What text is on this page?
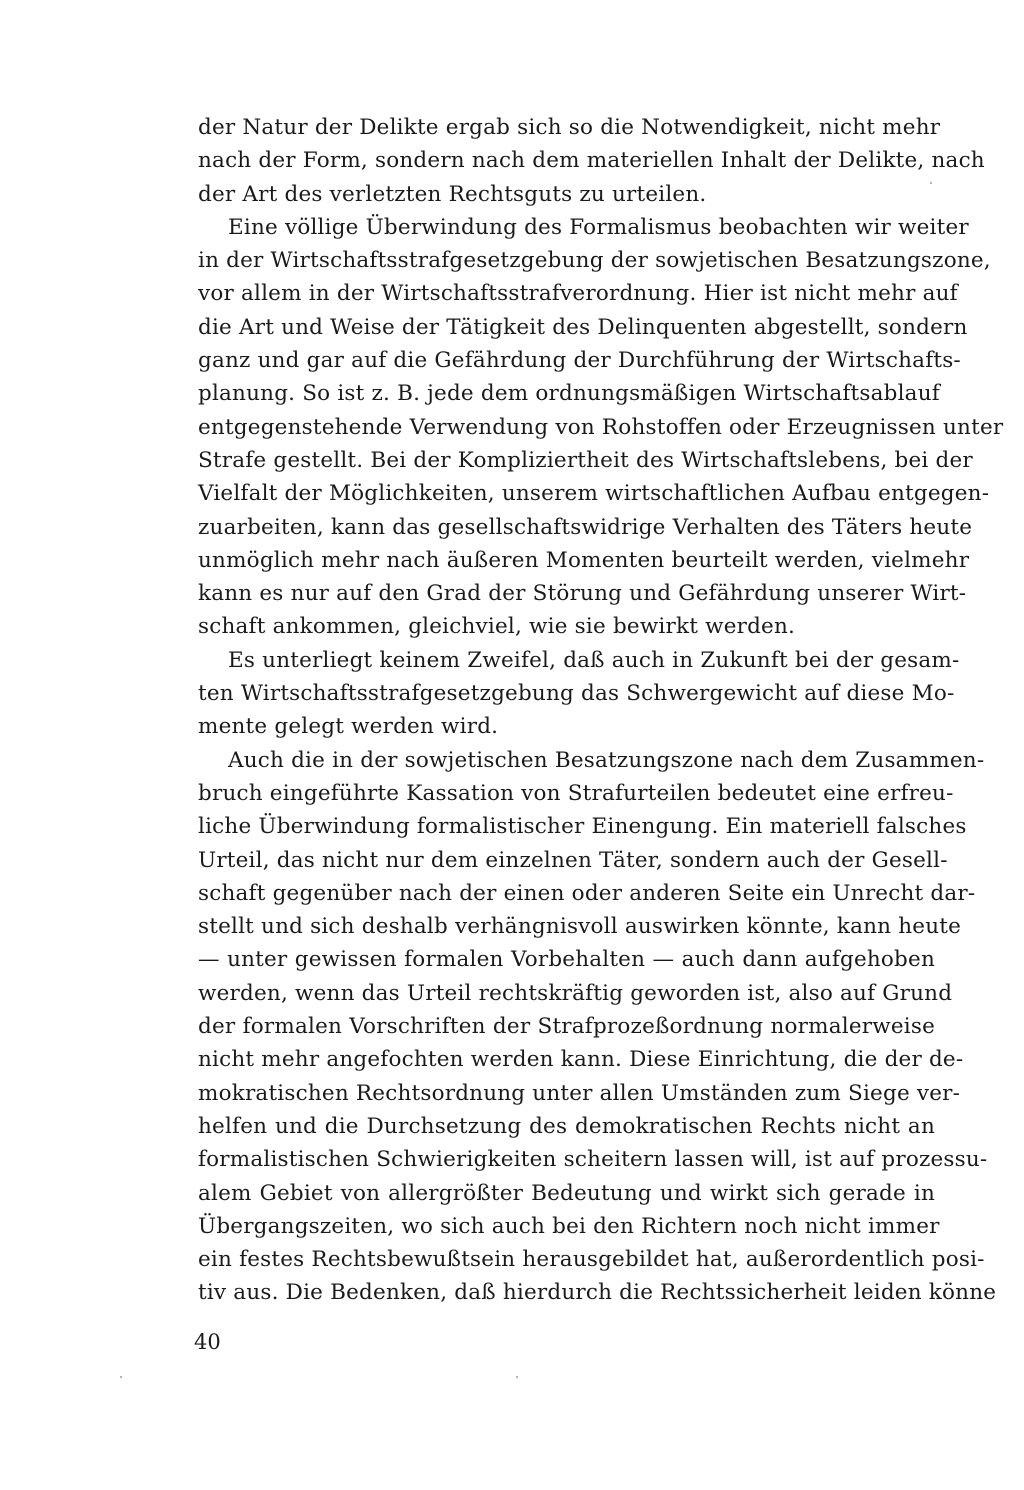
der Natur der Delikte ergab sich so die Notwendigkeit, nicht mehr
nach der Form, sondern nach dem materiellen Inhalt der Delikte, nach
der Art des verletzten Rechtsguts zu urteilen.
Eine völlige Überwindung des Formalismus beobachten wir weiter
in der Wirtschaftsstrafgesetzgebung der sowjetischen Besatzungszone,
vor allem in der Wirtschaftsstrafverordnung. Hier ist nicht mehr auf
die Art und Weise der Tätigkeit des Delinquenten abgestellt, sondern
ganz und gar auf die Gefährdung der Durchführung der Wirtschafts-
planung. So ist z. B. jede dem ordnungsmäßigen Wirtschaftsablauf
entgegenstehende Verwendung von Rohstoffen oder Erzeugnissen unter
Strafe gestellt. Bei der Kompliziertheit des Wirtschaftslebens, bei der
Vielfalt der Möglichkeiten, unserem wirtschaftlichen Aufbau entgegen-
zuarbeiten, kann das gesellschaftswidrige Verhalten des Täters heute
unmöglich mehr nach äußeren Momenten beurteilt werden, vielmehr
kann es nur auf den Grad der Störung und Gefährdung unserer Wirt-
schaft ankommen, gleichviel, wie sie bewirkt werden.
Es unterliegt keinem Zweifel, daß auch in Zukunft bei der gesam-
ten Wirtschaftsstrafgesetzgebung das Schwergewicht auf diese Mo-
mente gelegt werden wird.
Auch die in der sowjetischen Besatzungszone nach dem Zusammen-
bruch eingeführte Kassation von Strafurteilen bedeutet eine erfreu-
liche Überwindung formalistischer Einengung. Ein materiell falsches
Urteil, das nicht nur dem einzelnen Täter, sondern auch der Gesell-
schaft gegenüber nach der einen oder anderen Seite ein Unrecht dar-
stellt und sich deshalb verhängnisvoll auswirken könnte, kann heute
— unter gewissen formalen Vorbehalten — auch dann aufgehoben
werden, wenn das Urteil rechtskräftig geworden ist, also auf Grund
der formalen Vorschriften der Strafprozeßordnung normalerweise
nicht mehr angefochten werden kann. Diese Einrichtung, die der de-
mokratischen Rechtsordnung unter allen Umständen zum Siege ver-
helfen und die Durchsetzung des demokratischen Rechts nicht an
formalistischen Schwierigkeiten scheitern lassen will, ist auf prozessu-
alem Gebiet von allergrößter Bedeutung und wirkt sich gerade in
Übergangszeiten, wo sich auch bei den Richtern noch nicht immer
ein festes Rechtsbewußtsein herausgebildet hat, außerordentlich posi-
tiv aus. Die Bedenken, daß hierdurch die Rechtssicherheit leiden könne
40
